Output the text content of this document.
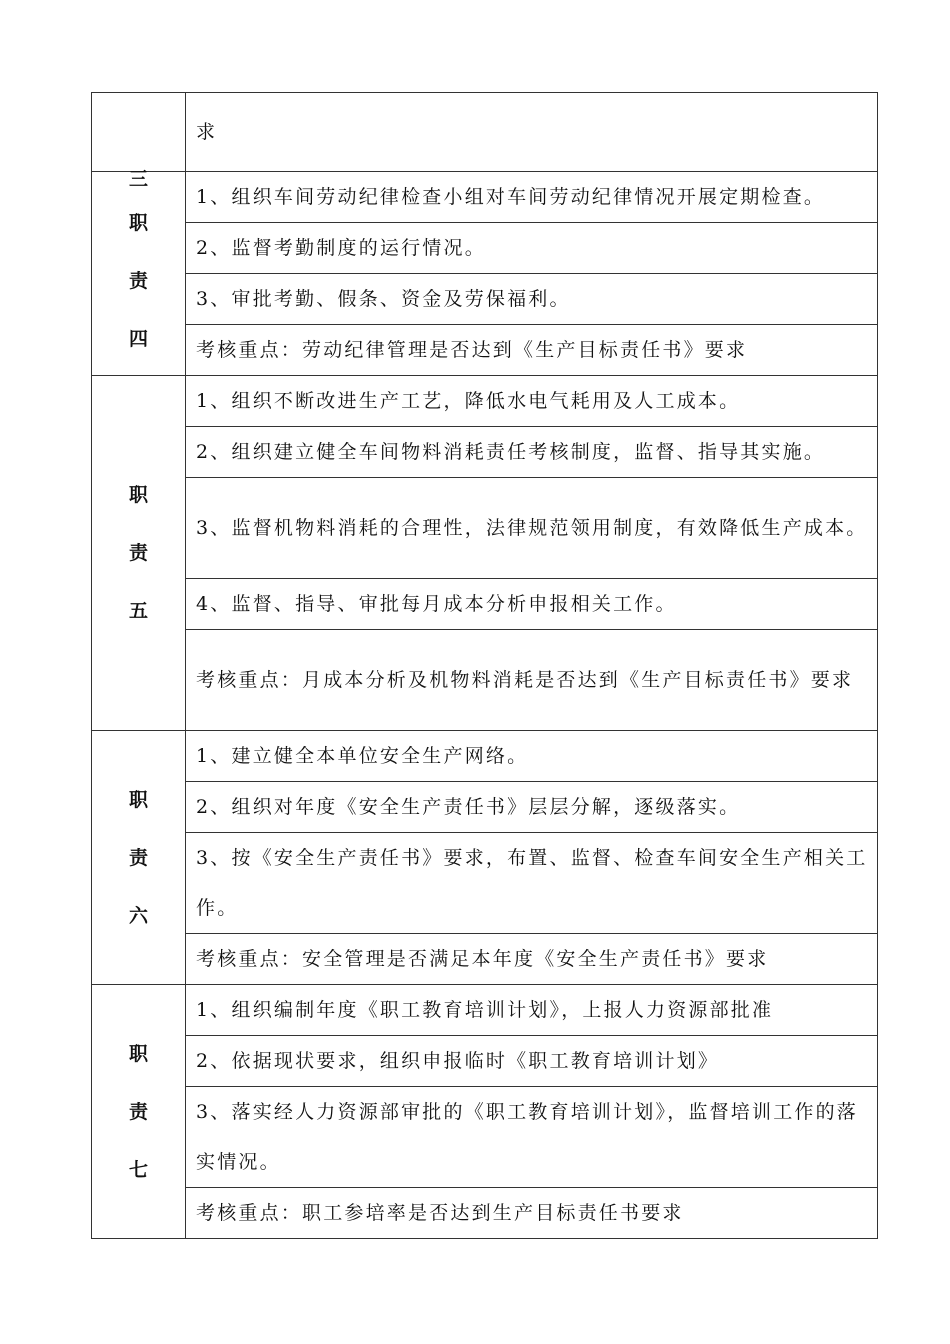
	求

三
职
责
四	1、组织车间劳动纪律检查小组对车间劳动纪律情况开展定期检查。

	2、监督考勤制度的运行情况。

	3、审批考勤、假条、资金及劳保福利。

	考核重点：劳动纪律管理是否达到《生产目标责任书》要求

职
责
五	1、组织不断改进生产工艺，降低水电气耗用及人工成本。

	2、组织建立健全车间物料消耗责任考核制度，监督、指导其实施。

	3、监督机物料消耗的合理性，法律规范领用制度，有效降低生产成本。

	4、监督、指导、审批每月成本分析申报相关工作。

	考核重点：月成本分析及机物料消耗是否达到《生产目标责任书》要求

职
责
六	1、建立健全本单位安全生产网络。

	2、组织对年度《安全生产责任书》层层分解，逐级落实。

	3、按《安全生产责任书》要求，布置、监督、检查车间安全生产相关工作。

	考核重点：安全管理是否满足本年度《安全生产责任书》要求

职
责
七	1、组织编制年度《职工教育培训计划》，上报人力资源部批准

	2、依据现状要求，组织申报临时《职工教育培训计划》

	3、落实经人力资源部审批的《职工教育培训计划》，监督培训工作的落实情况。

	考核重点：职工参培率是否达到生产目标责任书要求
